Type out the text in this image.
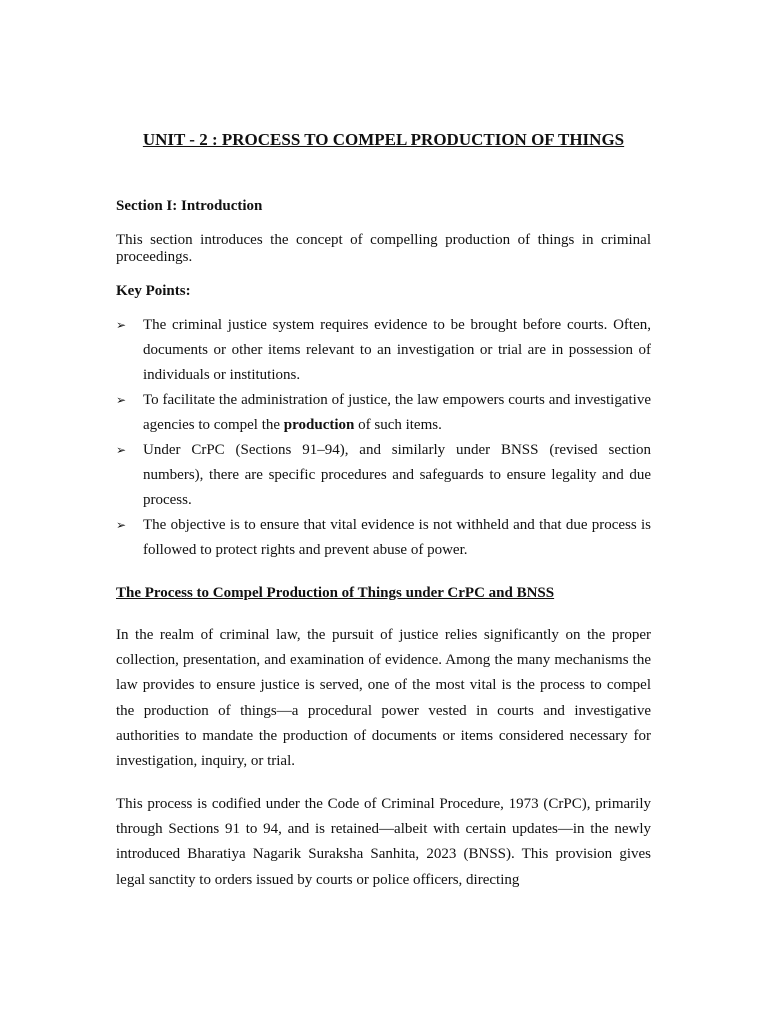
UNIT - 2 : PROCESS TO COMPEL PRODUCTION OF THINGS
Section I: Introduction

This section introduces the concept of compelling production of things in criminal proceedings.

Key Points:
➢ The criminal justice system requires evidence to be brought before courts. Often, documents or other items relevant to an investigation or trial are in possession of individuals or institutions.
➢ To facilitate the administration of justice, the law empowers courts and investigative agencies to compel the production of such items.
➢ Under CrPC (Sections 91–94), and similarly under BNSS (revised section numbers), there are specific procedures and safeguards to ensure legality and due process.
➢ The objective is to ensure that vital evidence is not withheld and that due process is followed to protect rights and prevent abuse of power.
The Process to Compel Production of Things under CrPC and BNSS

In the realm of criminal law, the pursuit of justice relies significantly on the proper collection, presentation, and examination of evidence. Among the many mechanisms the law provides to ensure justice is served, one of the most vital is the process to compel the production of things—a procedural power vested in courts and investigative authorities to mandate the production of documents or items considered necessary for investigation, inquiry, or trial.

This process is codified under the Code of Criminal Procedure, 1973 (CrPC), primarily through Sections 91 to 94, and is retained—albeit with certain updates—in the newly introduced Bharatiya Nagarik Suraksha Sanhita, 2023 (BNSS). This provision gives legal sanctity to orders issued by courts or police officers, directing
